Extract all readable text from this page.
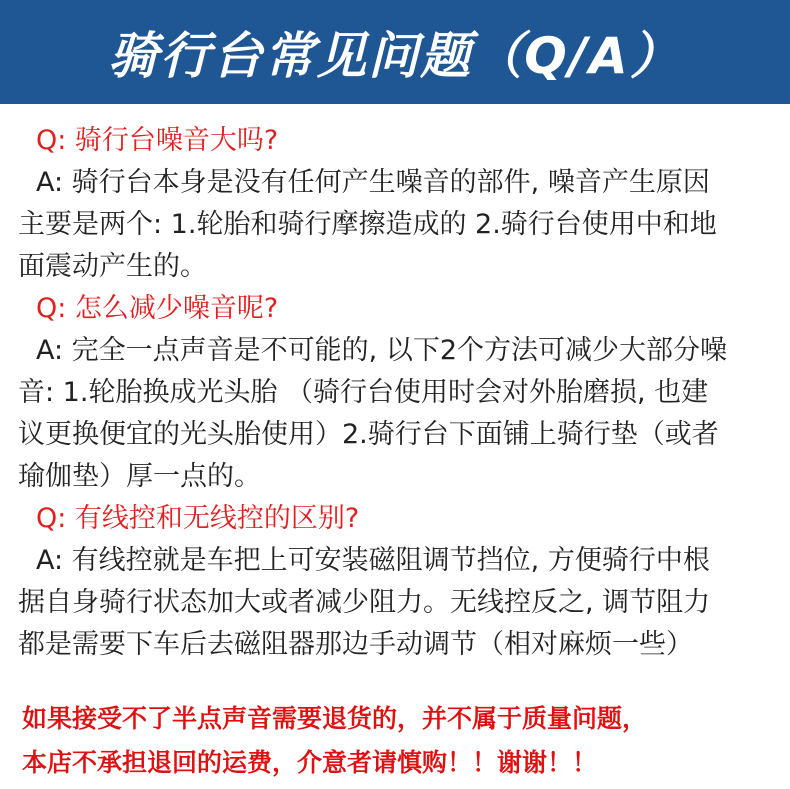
骑行台常见问题（Q/A）
Q: 骑行台噪音大吗?
A: 骑行台本身是没有任何产生噪音的部件, 噪音产生原因
主要是两个: 1.轮胎和骑行摩擦造成的 2.骑行台使用中和地
面震动产生的。
Q: 怎么减少噪音呢?
A: 完全一点声音是不可能的, 以下2个方法可减少大部分噪
音: 1.轮胎换成光头胎 （骑行台使用时会对外胎磨损, 也建
议更换便宜的光头胎使用）2.骑行台下面铺上骑行垫（或者
瑜伽垫）厚一点的。
Q: 有线控和无线控的区别?
A: 有线控就是车把上可安装磁阻调节挡位, 方便骑行中根
据自身骑行状态加大或者减少阻力。无线控反之, 调节阻力
都是需要下车后去磁阻器那边手动调节（相对麻烦一些）
如果接受不了半点声音需要退货的，并不属于质量问题，
本店不承担退回的运费，介意者请慎购！！谢谢！！
